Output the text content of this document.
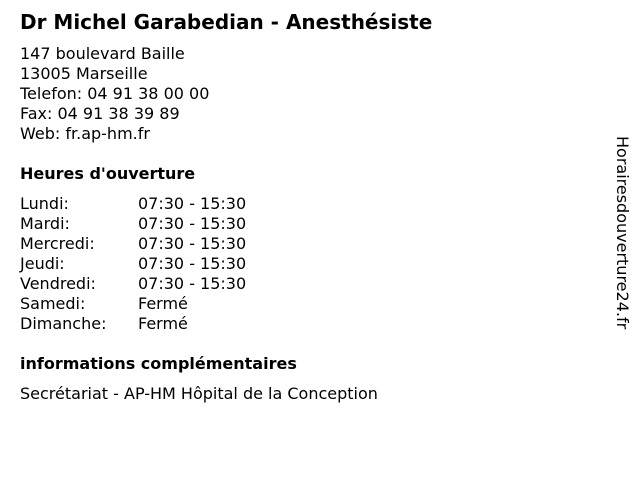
Dr Michel Garabedian - Anesthésiste
147 boulevard Baille
13005 Marseille
Telefon: 04 91 38 00 00
Fax: 04 91 38 39 89
Web: fr.ap-hm.fr
Heures d'ouverture
Lundi:	07:30 - 15:30
Mardi:	07:30 - 15:30
Mercredi:	07:30 - 15:30
Jeudi:	07:30 - 15:30
Vendredi:	07:30 - 15:30
Samedi:	Fermé
Dimanche: Fermé
informations complémentaires
Secrétariat - AP-HM Hôpital de la Conception
Horairesdouverture24.fr
